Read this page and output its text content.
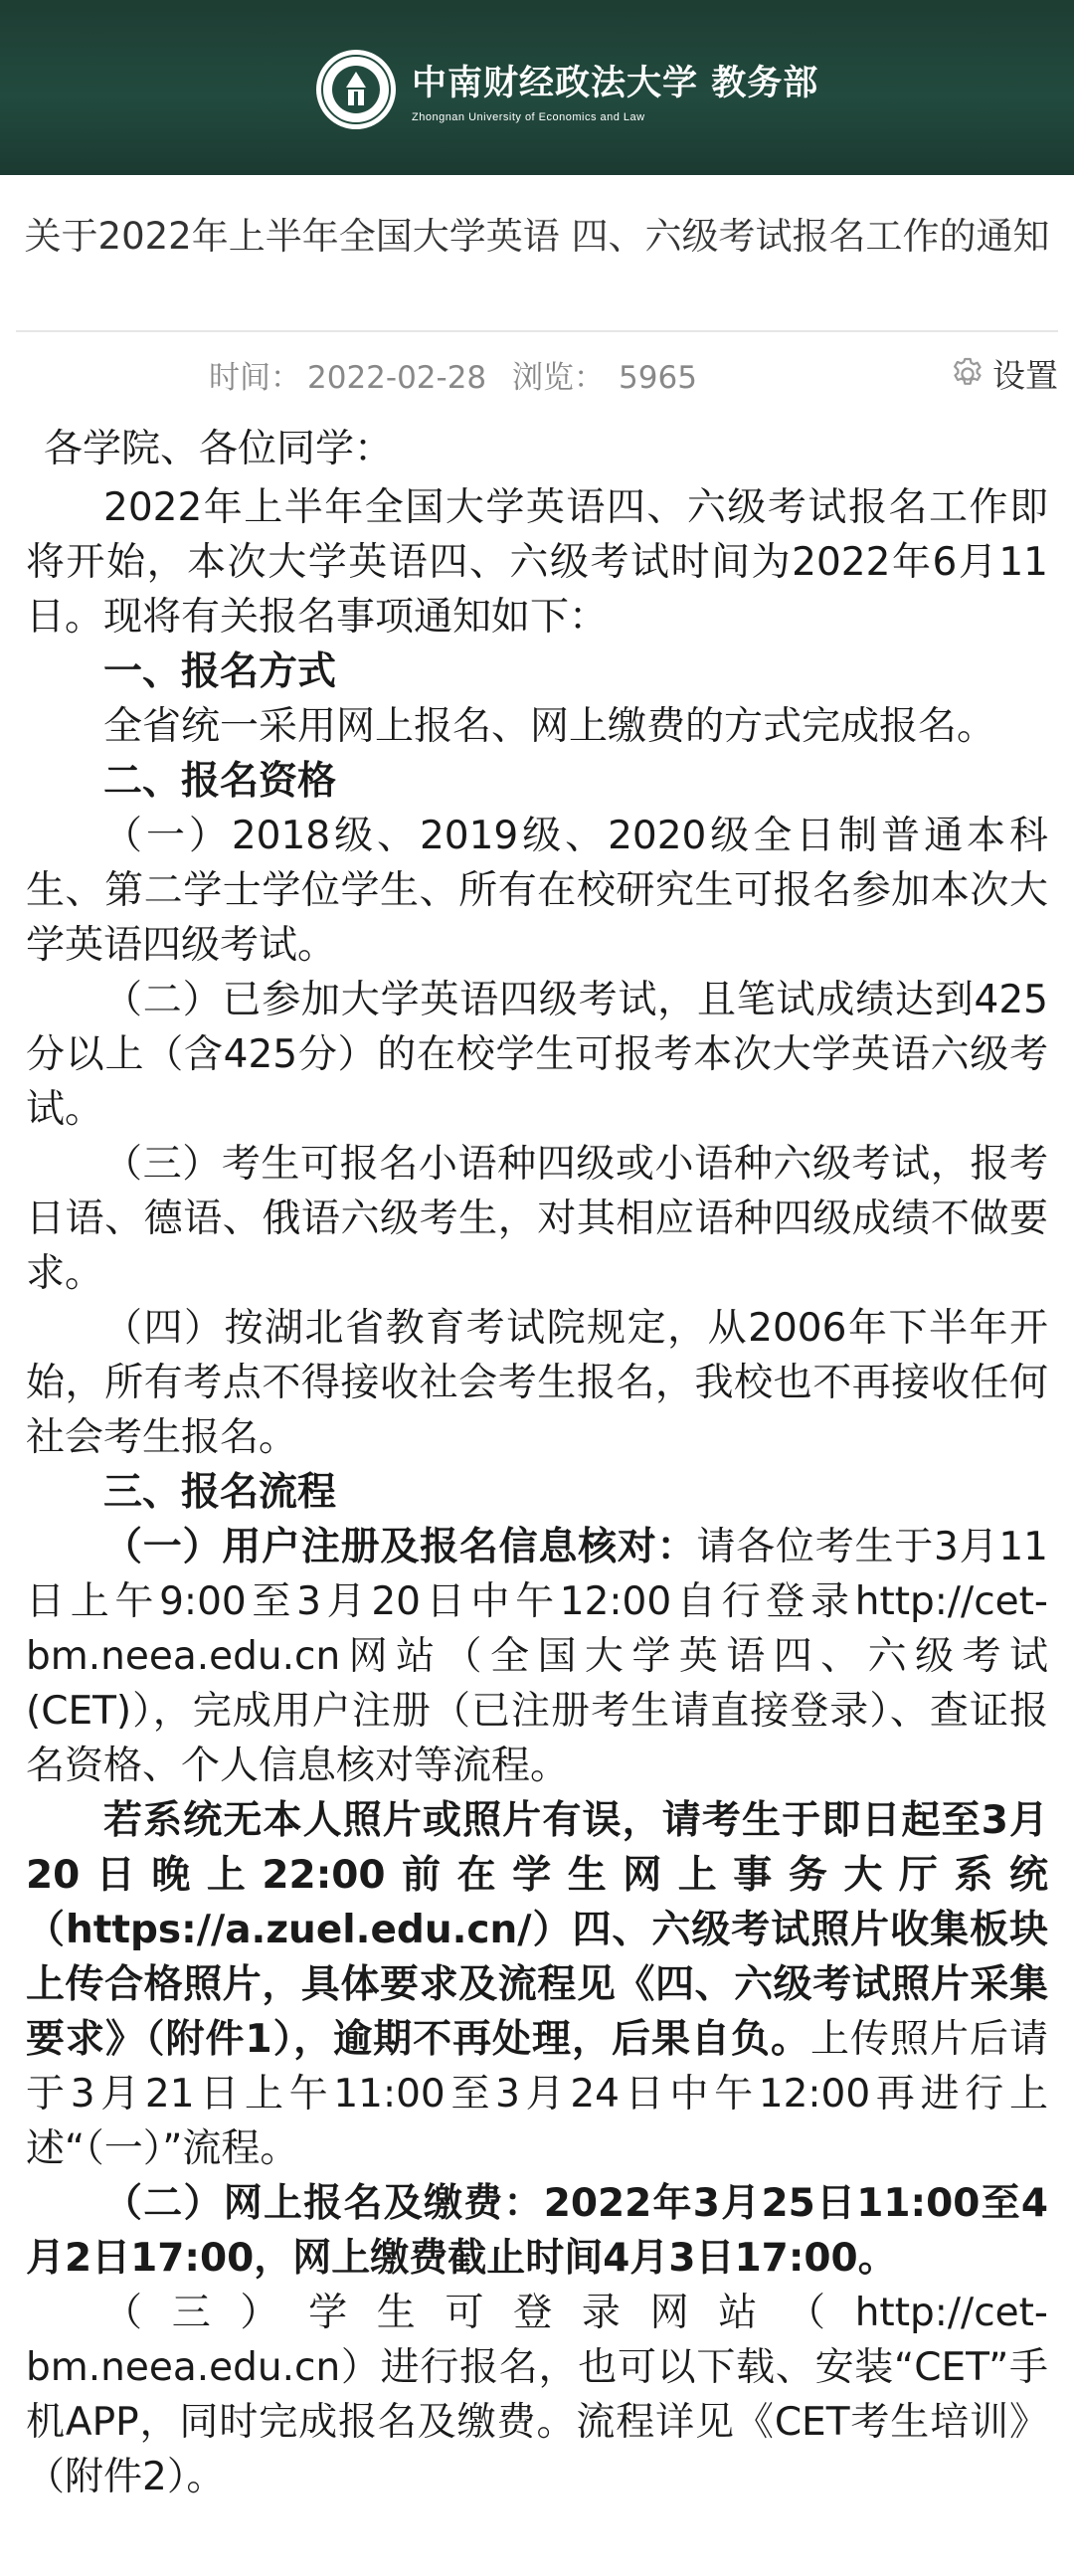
中南财经政法大学 教务部
Zhongnan University of Economics and Law
关于2022年上半年全国大学英语 四、六级考试报名工作的通知
时间： 2022-02-28 浏览： 5965	设置
各学院、各位同学：
2022年上半年全国大学英语四、六级考试报名工作即将开始，本次大学英语四、六级考试时间为2022年6月11日。现将有关报名事项通知如下：
一、报名方式
全省统一采用网上报名、网上缴费的方式完成报名。
二、报名资格
（一）2018级、2019级、2020级全日制普通本科生、第二学士学位学生、所有在校研究生可报名参加本次大学英语四级考试。
（二）已参加大学英语四级考试，且笔试成绩达到425分以上（含425分）的在校学生可报考本次大学英语六级考试。
（三）考生可报名小语种四级或小语种六级考试，报考日语、德语、俄语六级考生，对其相应语种四级成绩不做要求。
（四）按湖北省教育考试院规定，从2006年下半年开始，所有考点不得接收社会考生报名，我校也不再接收任何社会考生报名。
三、报名流程
（一）用户注册及报名信息核对：请各位考生于3月11日上午9:00至3月20日中午12:00自行登录http://cet-bm.neea.edu.cn网站（全国大学英语四、六级考试(CET)），完成用户注册（已注册考生请直接登录）、查证报名资格、个人信息核对等流程。
若系统无本人照片或照片有误，请考生于即日起至3月20日晚上22:00前在学生网上事务大厅系统（https://a.zuel.edu.cn/）四、六级考试照片收集板块上传合格照片，具体要求及流程见《四、六级考试照片采集要求》（附件1），逾期不再处理，后果自负。上传照片后请于3月21日上午11:00至3月24日中午12:00再进行上述“（一）”流程。
（二）网上报名及缴费：2022年3月25日11:00至4月2日17:00，网上缴费截止时间4月3日17:00。
（三）学生可登录网站（http://cet-
bm.neea.edu.cn）进行报名，也可以下载、安装“CET”手机APP，同时完成报名及缴费。流程详见《CET考生培训》（附件2）。
